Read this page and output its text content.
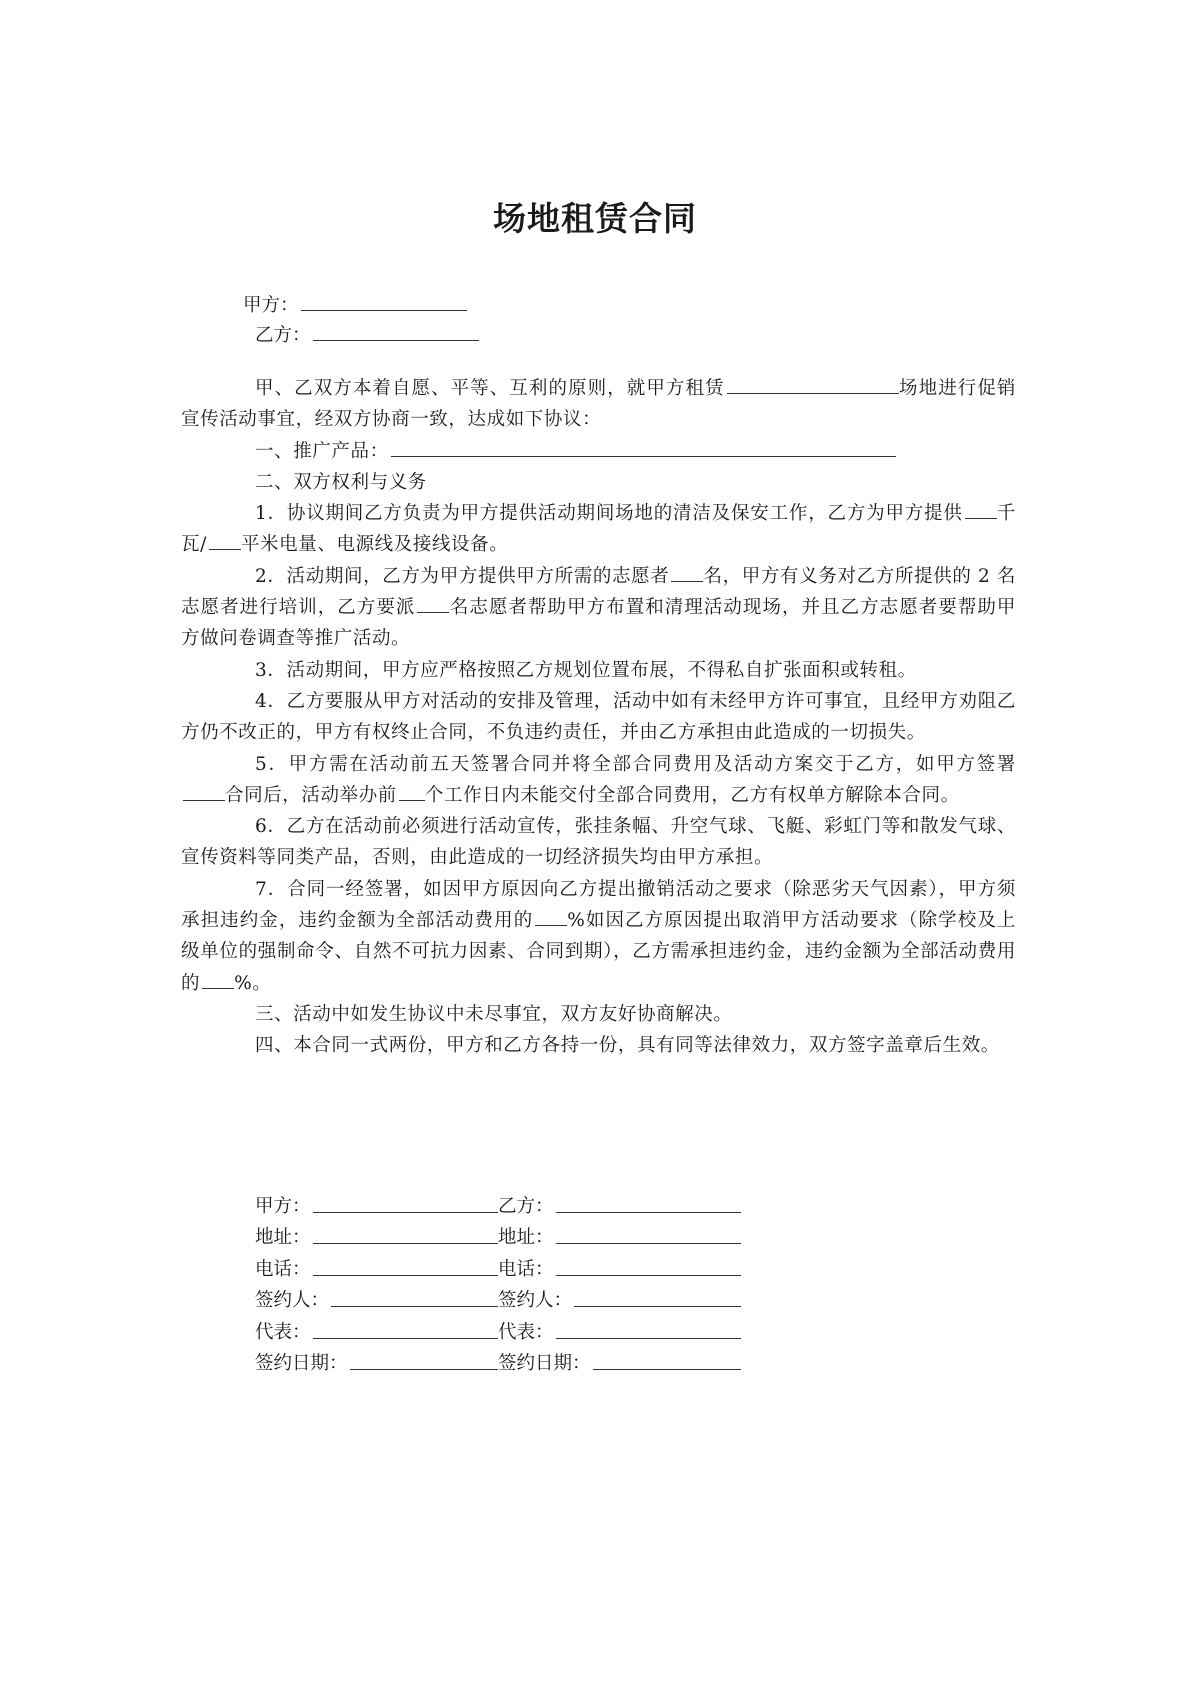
场地租赁合同
甲方：
乙方：

甲、乙双方本着自愿、平等、互利的原则，就甲方租赁	场地进行促销宣传活动事宜，经双方协商一致，达成如下协议：

一、推广产品：

二、双方权利与义务

1．协议期间乙方负责为甲方提供活动期间场地的清洁及保安工作，乙方为甲方提供 千瓦/ 平米电量、电源线及接线设备。

2．活动期间，乙方为甲方提供甲方所需的志愿者 名，甲方有义务对乙方所提供的 2 名志愿者进行培训，乙方要派 名志愿者帮助甲方布置和清理活动现场，并且乙方志愿者要帮助甲方做问卷调查等推广活动。

3．活动期间，甲方应严格按照乙方规划位置布展，不得私自扩张面积或转租。

4．乙方要服从甲方对活动的安排及管理，活动中如有未经甲方许可事宜，且经甲方劝阻乙方仍不改正的，甲方有权终止合同，不负违约责任，并由乙方承担由此造成的一切损失。

5．甲方需在活动前五天签署合同并将全部合同费用及活动方案交于乙方，如甲方签署合同后，活动举办前 个工作日内未能交付全部合同费用，乙方有权单方解除本合同。

6．乙方在活动前必须进行活动宣传，张挂条幅、升空气球、飞艇、彩虹门等和散发气球、宣传资料等同类产品，否则，由此造成的一切经济损失均由甲方承担。

7．合同一经签署，如因甲方原因向乙方提出撤销活动之要求（除恶劣天气因素），甲方须承担违约金，违约金额为全部活动费用的 %如因乙方原因提出取消甲方活动要求（除学校及上级单位的强制命令、自然不可抗力因素、合同到期），乙方需承担违约金，违约金额为全部活动费用的 %。

三、活动中如发生协议中未尽事宜，双方友好协商解决。

四、本合同一式两份，甲方和乙方各持一份，具有同等法律效力，双方签字盖章后生效。

甲方：	乙方：
地址：	地址：
电话：	电话：
签约人：	签约人：
代表：	代表：
签约日期：	签约日期：
